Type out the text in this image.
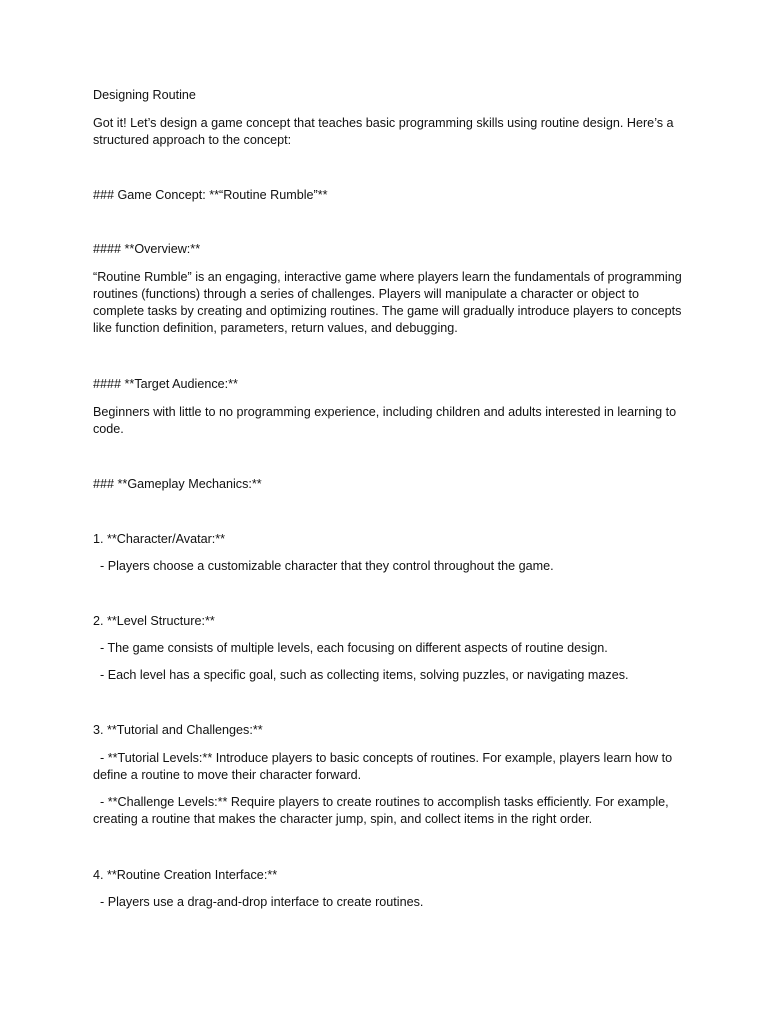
Designing Routine

Got it! Let’s design a game concept that teaches basic programming skills using routine design. Here’s a structured approach to the concept:

### Game Concept: **“Routine Rumble”**

#### **Overview:**

“Routine Rumble” is an engaging, interactive game where players learn the fundamentals of programming routines (functions) through a series of challenges. Players will manipulate a character or object to complete tasks by creating and optimizing routines. The game will gradually introduce players to concepts like function definition, parameters, return values, and debugging.

#### **Target Audience:**

Beginners with little to no programming experience, including children and adults interested in learning to code.

### **Gameplay Mechanics:**

1. **Character/Avatar:**

- Players choose a customizable character that they control throughout the game.

2. **Level Structure:**

- The game consists of multiple levels, each focusing on different aspects of routine design.

- Each level has a specific goal, such as collecting items, solving puzzles, or navigating mazes.

3. **Tutorial and Challenges:**

- **Tutorial Levels:** Introduce players to basic concepts of routines. For example, players learn how to define a routine to move their character forward.

- **Challenge Levels:** Require players to create routines to accomplish tasks efficiently. For example, creating a routine that makes the character jump, spin, and collect items in the right order.

4. **Routine Creation Interface:**

- Players use a drag-and-drop interface to create routines.
